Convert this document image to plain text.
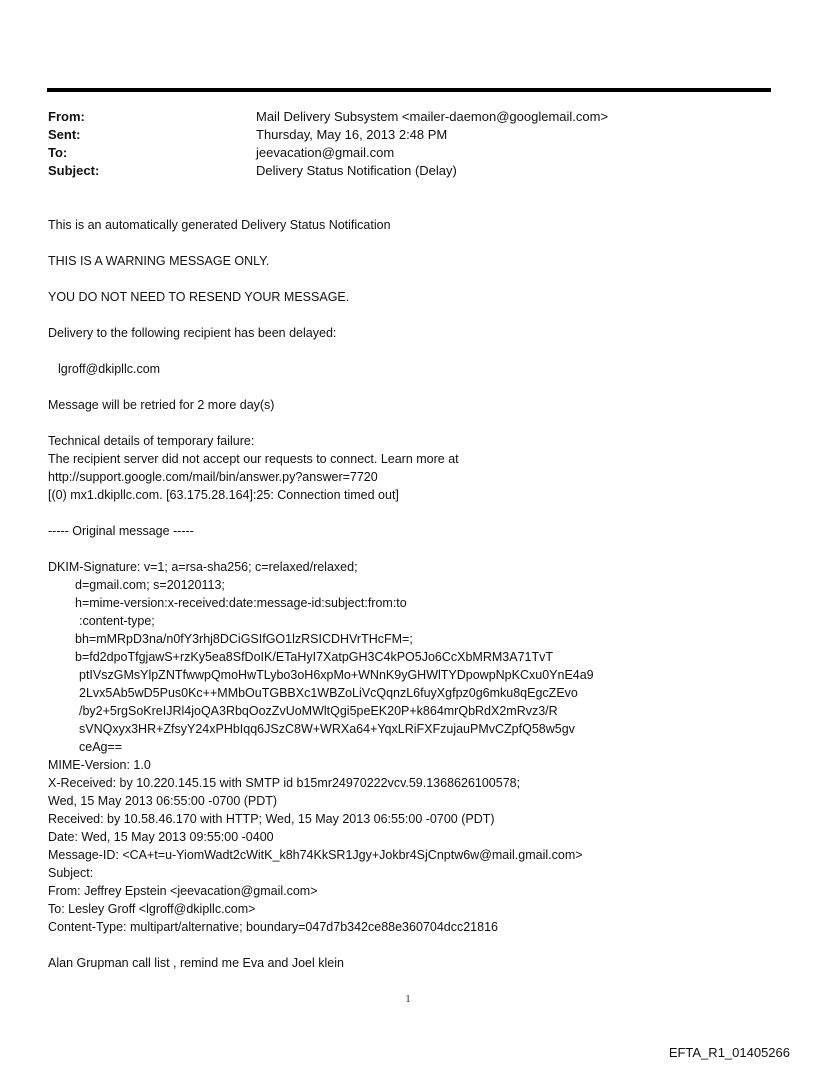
From:	Mail Delivery Subsystem <mailer-daemon@googlemail.com>
Sent:	Thursday, May 16, 2013 2:48 PM
To:	jeevacation@gmail.com
Subject:	Delivery Status Notification (Delay)
This is an automatically generated Delivery Status Notification
THIS IS A WARNING MESSAGE ONLY.
YOU DO NOT NEED TO RESEND YOUR MESSAGE.
Delivery to the following recipient has been delayed:
lgroff@dkipllc.com
Message will be retried for 2 more day(s)
Technical details of temporary failure:
The recipient server did not accept our requests to connect. Learn more at
http://support.google.com/mail/bin/answer.py?answer=7720
[(0) mx1.dkipllc.com. [63.175.28.164]:25: Connection timed out]
----- Original message -----
DKIM-Signature: v=1; a=rsa-sha256; c=relaxed/relaxed;
d=gmail.com; s=20120113;
h=mime-version:x-received:date:message-id:subject:from:to
:content-type;
bh=mMRpD3na/n0fY3rhj8DCiGSIfGO1lzRSICDHVrTHcFM=;
b=fd2dpoTfgjawS+rzKy5ea8SfDoIK/ETaHyI7XatpGH3C4kPO5Jo6CcXbMRM3A71TvT
ptIVszGMsYlpZNTfwwpQmoHwTLybo3oH6xpMo+WNnK9yGHWlTYDpowpNpKCxu0YnE4a9
2Lvx5Ab5wD5Pus0Kc++MMbOuTGBBXc1WBZoLiVcQqnzL6fuyXgfpz0g6mku8qEgcZEvo
/by2+5rgSoKreIJRl4joQA3RbqOozZvUoMWltQgi5peEK20P+k864mrQbRdX2mRvz3/R
sVNQxyx3HR+ZfsyY24xPHbIqq6JSzC8W+WRXa64+YqxLRiFXFzujauPMvCZpfQ58w5gv
ceAg==
MIME-Version: 1.0
X-Received: by 10.220.145.15 with SMTP id b15mr24970222vcv.59.1368626100578;
Wed, 15 May 2013 06:55:00 -0700 (PDT)
Received: by 10.58.46.170 with HTTP; Wed, 15 May 2013 06:55:00 -0700 (PDT)
Date: Wed, 15 May 2013 09:55:00 -0400
Message-ID: <CA+t=u-YiomWadt2cWitK_k8h74KkSR1Jgy+Jokbr4SjCnptw6w@mail.gmail.com>
Subject:
From: Jeffrey Epstein <jeevacation@gmail.com>
To: Lesley Groff <lgroff@dkipllc.com>
Content-Type: multipart/alternative; boundary=047d7b342ce88e360704dcc21816
Alan Grupman call list , remind me Eva and Joel klein
1
EFTA_R1_01405266
